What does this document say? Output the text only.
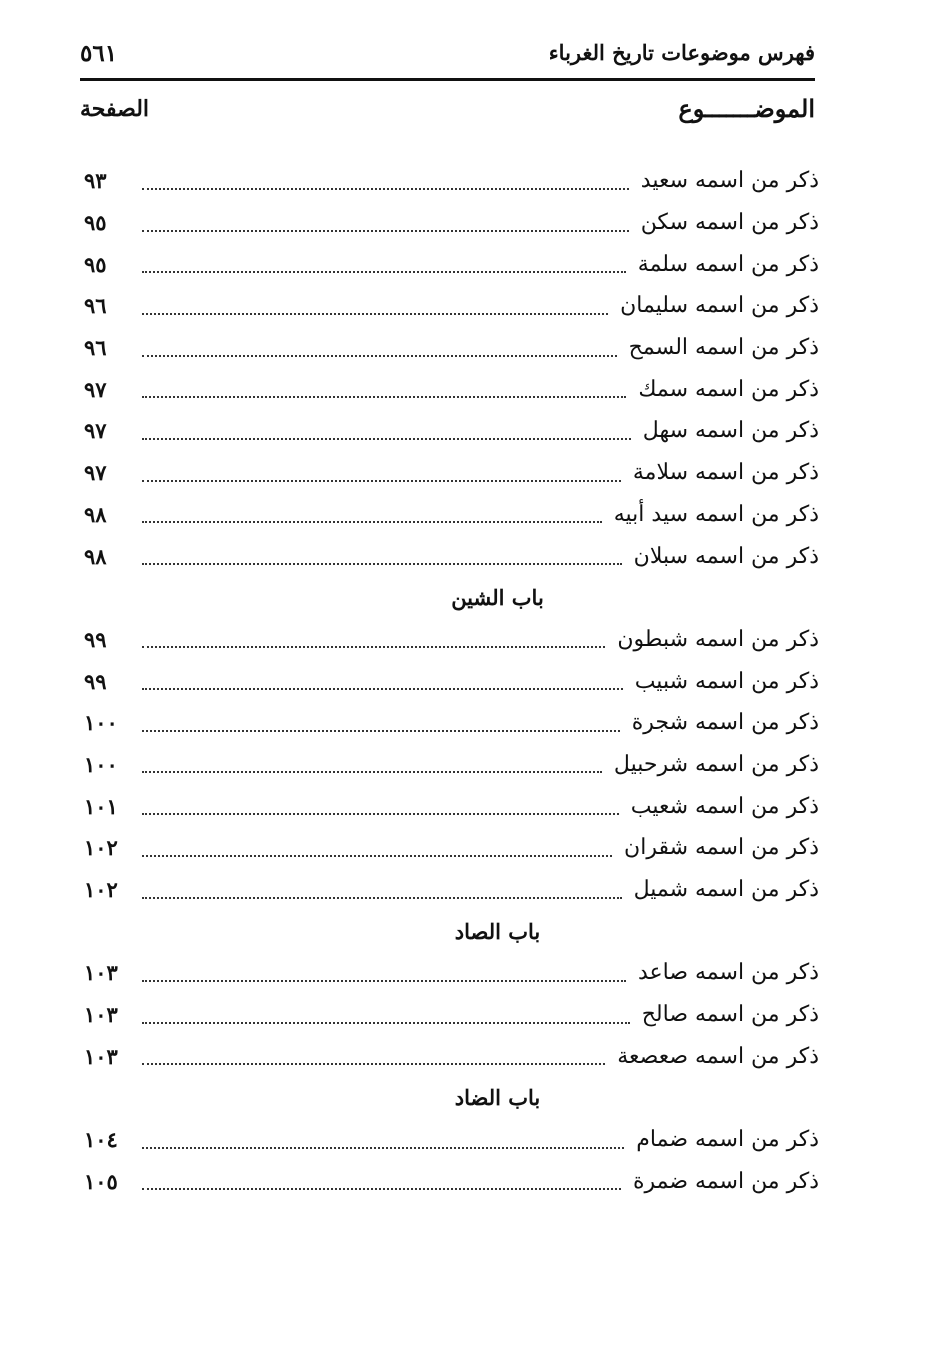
فهرس موضوعات تاريخ الغرباء
٥٦١
الموضـــــــوع
الصفحة
ذكر من اسمه سعيد
٩٣
ذكر من اسمه سكن
٩٥
ذكر من اسمه سلمة
٩٥
ذكر من اسمه سليمان
٩٦
ذكر من اسمه السمح
٩٦
ذكر من اسمه سمك
٩٧
ذكر من اسمه سهل
٩٧
ذكر من اسمه سلامة
٩٧
ذكر من اسمه سيد أبيه
٩٨
ذكر من اسمه سبلان
٩٨
باب الشين
ذكر من اسمه شبطون
٩٩
ذكر من اسمه شبيب
٩٩
ذكر من اسمه شجرة
١٠٠
ذكر من اسمه شرحبيل
١٠٠
ذكر من اسمه شعيب
١٠١
ذكر من اسمه شقران
١٠٢
ذكر من اسمه شميل
١٠٢
باب الصاد
ذكر من اسمه صاعد
١٠٣
ذكر من اسمه صالح
١٠٣
ذكر من اسمه صعصعة
١٠٣
باب الضاد
ذكر من اسمه ضمام
١٠٤
ذكر من اسمه ضمرة
١٠٥
